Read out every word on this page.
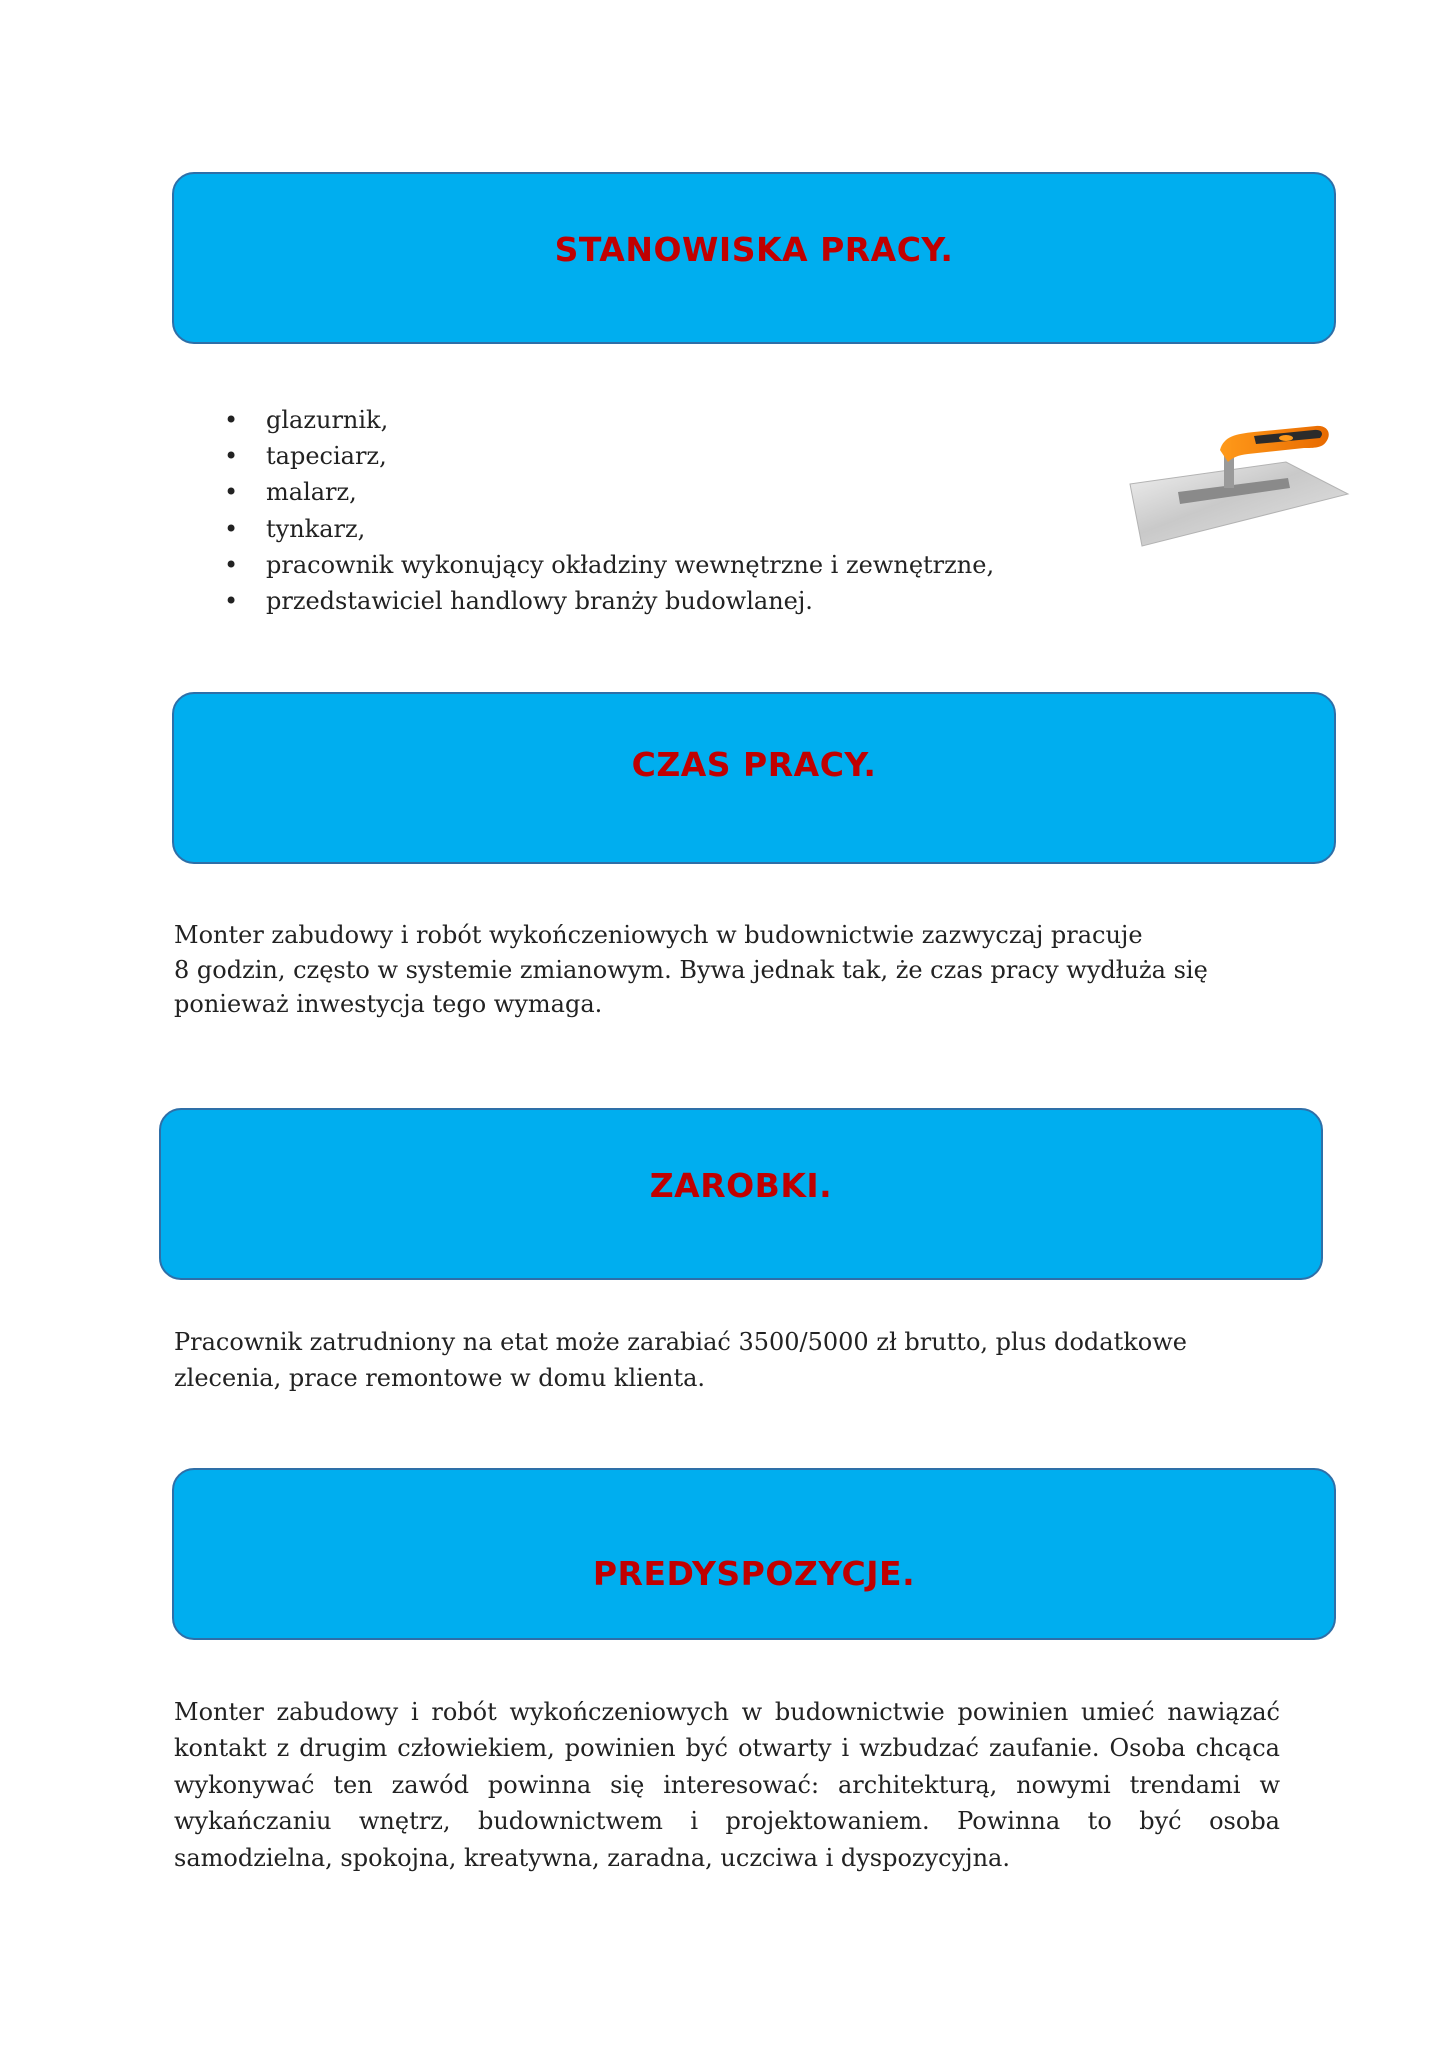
STANOWISKA PRACY.
• glazurnik,
• tapeciarz,
• malarz,
• tynkarz,
• pracownik wykonujący okładziny wewnętrzne i zewnętrzne,
• przedstawiciel handlowy branży budowlanej.
CZAS PRACY.
Monter zabudowy i robót wykończeniowych w budownictwie zazwyczaj pracuje
8 godzin, często w systemie zmianowym. Bywa jednak tak, że czas pracy wydłuża się
ponieważ inwestycja tego wymaga.
ZAROBKI.

Pracownik zatrudniony na etat może zarabiać 3500/5000 zł brutto, plus dodatkowe zlecenia, prace remontowe w domu klienta.

PREDYSPOZYCJE.

Monter zabudowy i robót wykończeniowych w budownictwie powinien umieć nawiązać kontakt z drugim człowiekiem, powinien być otwarty i wzbudzać zaufanie. Osoba chcąca wykonywać ten zawód powinna się interesować: architekturą, nowymi trendami w wykańczaniu wnętrz, budownictwem i projektowaniem. Powinna to być osoba samodzielna, spokojna, kreatywna, zaradna, uczciwa i dyspozycyjna.
